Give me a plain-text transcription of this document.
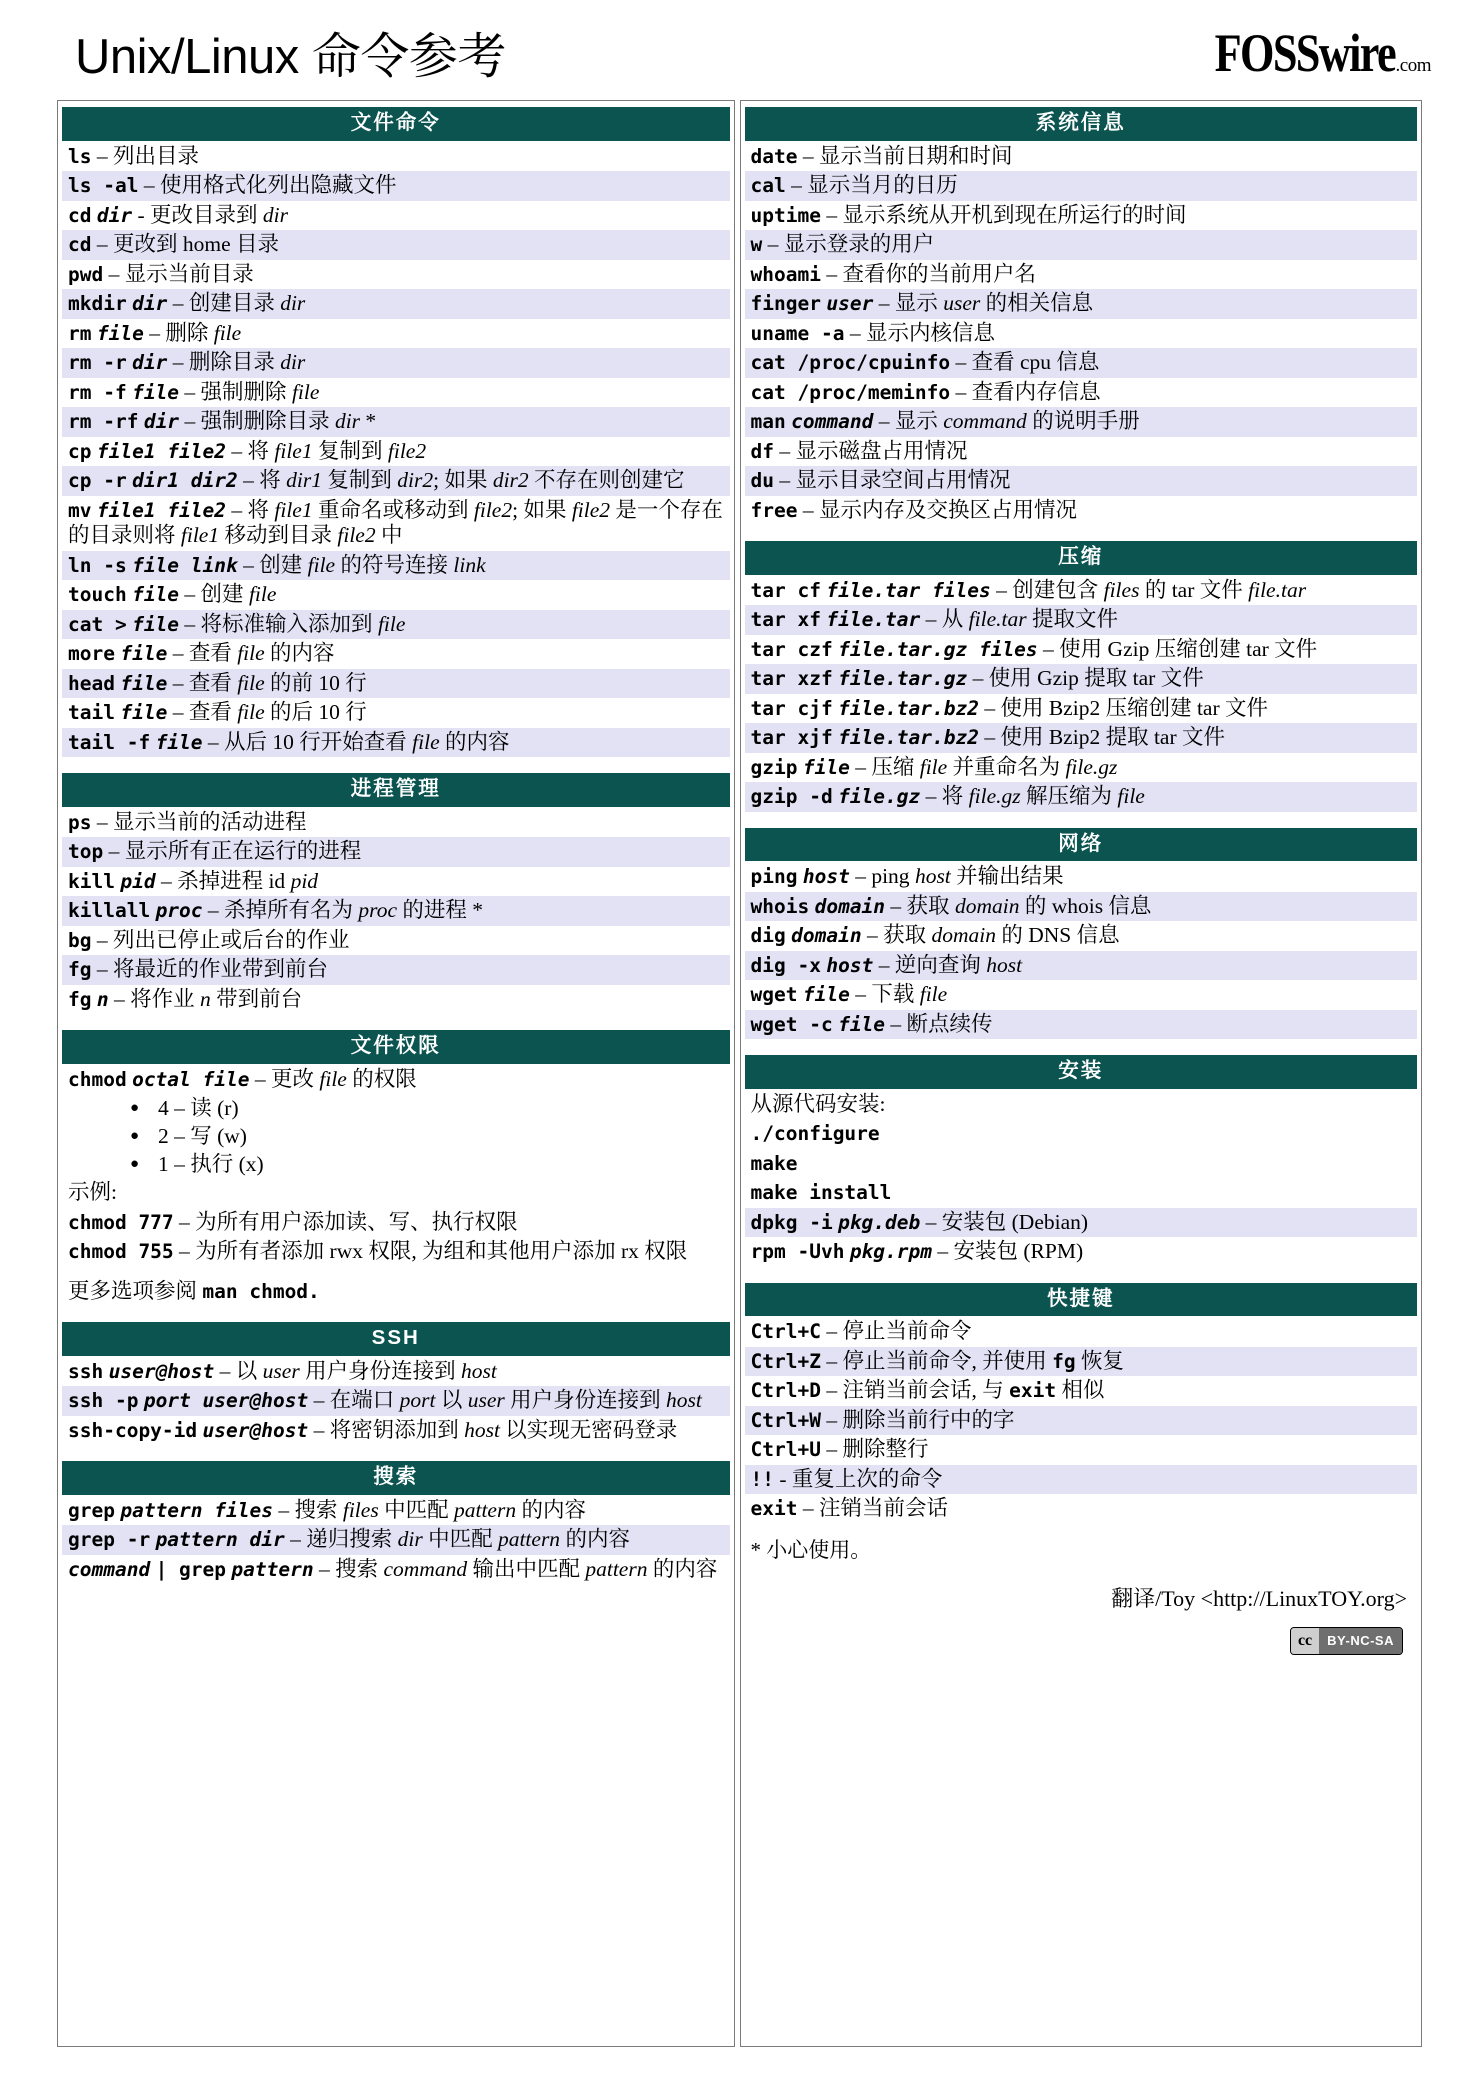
Unix/Linux 命令参考	FOSSwire .com
文件命令
ls – 列出目录
ls -al – 使用格式化列出隐藏文件
cd dir - 更改目录到 dir
cd – 更改到 home 目录
pwd – 显示当前目录
mkdir dir – 创建目录 dir
rm file – 删除 file
rm -r dir – 删除目录 dir
rm -f file – 强制删除 file
rm -rf dir – 强制删除目录 dir *
cp file1 file2 – 将 file1 复制到 file2
cp -r dir1 dir2 – 将 dir1 复制到 dir2; 如果 dir2 不存在则创建它
mv file1 file2 – 将 file1 重命名或移动到 file2; 如果 file2 是一个存在的目录则将 file1 移动到目录 file2 中
ln -s file link – 创建 file 的符号连接 link
touch file – 创建 file
cat > file – 将标准输入添加到 file
more file – 查看 file 的内容
head file – 查看 file 的前 10 行
tail file – 查看 file 的后 10 行
tail -f file – 从后 10 行开始查看 file 的内容
进程管理
ps – 显示当前的活动进程
top – 显示所有正在运行的进程
kill pid – 杀掉进程 id pid
killall proc – 杀掉所有名为 proc 的进程 *
bg – 列出已停止或后台的作业
fg – 将最近的作业带到前台
fg n – 将作业 n 带到前台
文件权限
chmod octal file – 更改 file 的权限
● 4 – 读 (r)
● 2 – 写 (w)
● 1 – 执行 (x)
示例:
chmod 777 – 为所有用户添加读、写、执行权限
chmod 755 – 为所有者添加 rwx 权限, 为组和其他用户添加 rx 权限
更多选项参阅 man chmod.
SSH
ssh user@host – 以 user 用户身份连接到 host
ssh -p port user@host – 在端口 port 以 user 用户身份连接到 host
ssh-copy-id user@host – 将密钥添加到 host 以实现无密码登录
搜索
grep pattern files – 搜索 files 中匹配 pattern 的内容
grep -r pattern dir – 递归搜索 dir 中匹配 pattern 的内容
command | grep pattern – 搜索 command 输出中匹配 pattern 的内容
系统信息
date – 显示当前日期和时间
cal – 显示当月的日历
uptime – 显示系统从开机到现在所运行的时间
w – 显示登录的用户
whoami – 查看你的当前用户名
finger user – 显示 user 的相关信息
uname -a – 显示内核信息
cat /proc/cpuinfo – 查看 cpu 信息
cat /proc/meminfo – 查看内存信息
man command – 显示 command 的说明手册
df – 显示磁盘占用情况
du – 显示目录空间占用情况
free – 显示内存及交换区占用情况
压缩
tar cf file.tar files – 创建包含 files 的 tar 文件 file.tar
tar xf file.tar – 从 file.tar 提取文件
tar czf file.tar.gz files – 使用 Gzip 压缩创建 tar 文件
tar xzf file.tar.gz – 使用 Gzip 提取 tar 文件
tar cjf file.tar.bz2 – 使用 Bzip2 压缩创建 tar 文件
tar xjf file.tar.bz2 – 使用 Bzip2 提取 tar 文件
gzip file – 压缩 file 并重命名为 file.gz
gzip -d file.gz – 将 file.gz 解压缩为 file
网络
ping host – ping host 并输出结果
whois domain – 获取 domain 的 whois 信息
dig domain – 获取 domain 的 DNS 信息
dig -x host – 逆向查询 host
wget file – 下载 file
wget -c file – 断点续传
安装
从源代码安装:
./configure
make
make install
dpkg -i pkg.deb – 安装包 (Debian)
rpm -Uvh pkg.rpm – 安装包 (RPM)
快捷键
Ctrl+C – 停止当前命令
Ctrl+Z – 停止当前命令, 并使用 fg 恢复
Ctrl+D – 注销当前会话, 与 exit 相似
Ctrl+W – 删除当前行中的字
Ctrl+U – 删除整行
!! - 重复上次的命令
exit – 注销当前会话
* 小心使用。
翻译/Toy <http://LinuxTOY.org>
cc	BY-NC-SA
